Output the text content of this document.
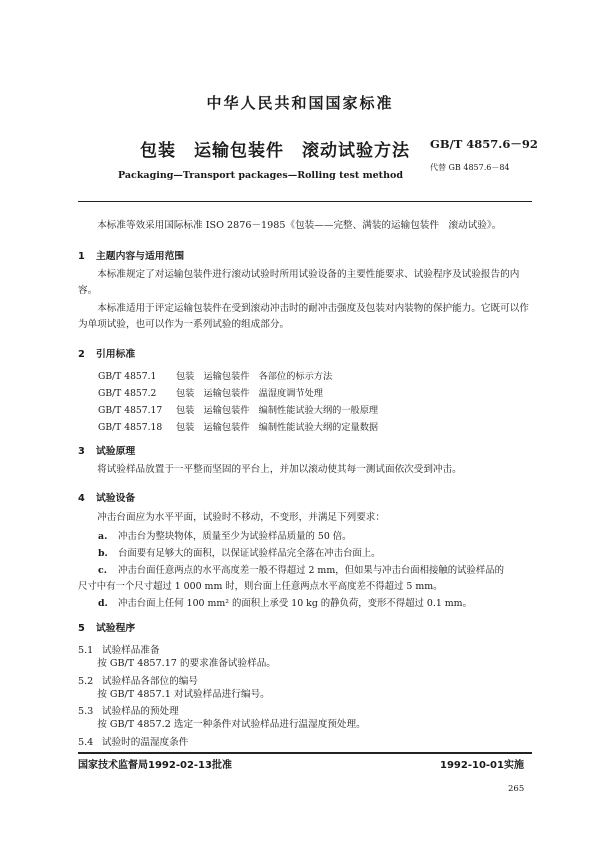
中华人民共和国国家标准
包装　运输包装件　滚动试验方法 GB/T 4857.6－92
代替 GB 4857.6－84
Packaging—Transport packages—Rolling test method
本标准等效采用国际标准 ISO 2876－1985《包装——完整、满装的运输包装件　滚动试验》。
1 主题内容与适用范围
本标准规定了对运输包装件进行滚动试验时所用试验设备的主要性能要求、试验程序及试验报告的内容。
本标准适用于评定运输包装件在受到滚动冲击时的耐冲击强度及包装对内装物的保护能力。它既可以作为单项试验，也可以作为一系列试验的组成部分。
2 引用标准
GB/T 4857.1 包装　运输包装件　各部位的标示方法
GB/T 4857.2 包装　运输包装件　温湿度调节处理
GB/T 4857.17 包装　运输包装件　编制性能试验大纲的一般原理
GB/T 4857.18 包装　运输包装件　编制性能试验大纲的定量数据
3 试验原理
将试验样品放置于一平整而坚固的平台上，并加以滚动使其每一测试面依次受到冲击。
4 试验设备
冲击台面应为水平平面，试验时不移动，不变形，并满足下列要求：
a. 冲击台为整块物体，质量至少为试验样品质量的 50 倍。
b. 台面要有足够大的面积，以保证试验样品完全落在冲击台面上。
c. 冲击台面任意两点的水平高度差一般不得超过 2 mm，但如果与冲击台面相接触的试验样品的
尺寸中有一个尺寸超过 1 000 mm 时，则台面上任意两点水平高度差不得超过 5 mm。
d. 冲击台面上任何 100 mm² 的面积上承受 10 kg 的静负荷，变形不得超过 0.1 mm。
5 试验程序
5.1 试验样品准备
按 GB/T 4857.17 的要求准备试验样品。
5.2 试验样品各部位的编号
按 GB/T 4857.1 对试验样品进行编号。
5.3 试验样品的预处理
按 GB/T 4857.2 选定一种条件对试验样品进行温湿度预处理。
5.4 试验时的温湿度条件
国家技术监督局1992-02-13批准	1992-10-01实施
265
